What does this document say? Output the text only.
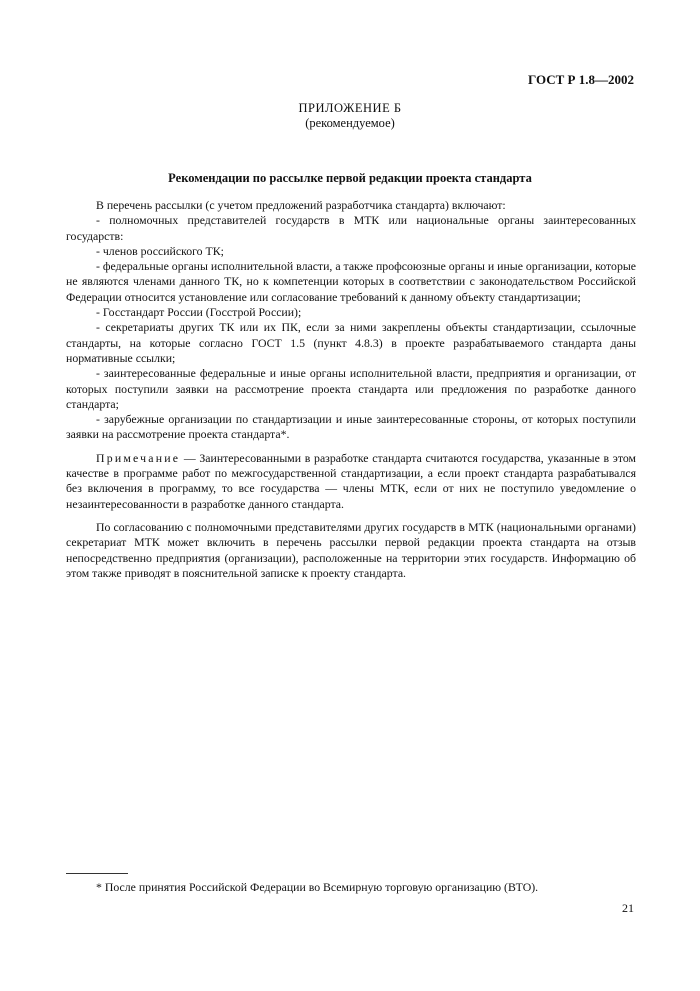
ГОСТ Р 1.8—2002
ПРИЛОЖЕНИЕ Б
(рекомендуемое)
Рекомендации по рассылке первой редакции проекта стандарта

В перечень рассылки (с учетом предложений разработчика стандарта) включают:

- полномочных представителей государств в МТК или национальные органы заинтересованных государств:

- членов российского ТК;

- федеральные органы исполнительной власти, а также профсоюзные органы и иные организации, которые не являются членами данного ТК, но к компетенции которых в соответствии с законодательством Российской Федерации относится установление или согласование требований к данному объекту стандартизации;

- Госстандарт России (Госстрой России);

- секретариаты других ТК или их ПК, если за ними закреплены объекты стандартизации, ссылочные стандарты, на которые согласно ГОСТ 1.5 (пункт 4.8.3) в проекте разрабатываемого стандарта даны нормативные ссылки;

- заинтересованные федеральные и иные органы исполнительной власти, предприятия и организации, от которых поступили заявки на рассмотрение проекта стандарта или предложения по разработке данного стандарта;

- зарубежные организации по стандартизации и иные заинтересованные стороны, от которых поступили заявки на рассмотрение проекта стандарта*.

Примечание — Заинтересованными в разработке стандарта считаются государства, указанные в этом качестве в программе работ по межгосударственной стандартизации, а если проект стандарта разрабатывался без включения в программу, то все государства — члены МТК, если от них не поступило уведомление о незаинтересованности в разработке данного стандарта.

По согласованию с полномочными представителями других государств в МТК (национальными органами) секретариат МТК может включить в перечень рассылки первой редакции проекта стандарта на отзыв непосредственно предприятия (организации), расположенные на территории этих государств. Информацию об этом также приводят в пояснительной записке к проекту стандарта.

* После принятия Российской Федерации во Всемирную торговую организацию (ВТО).
21
